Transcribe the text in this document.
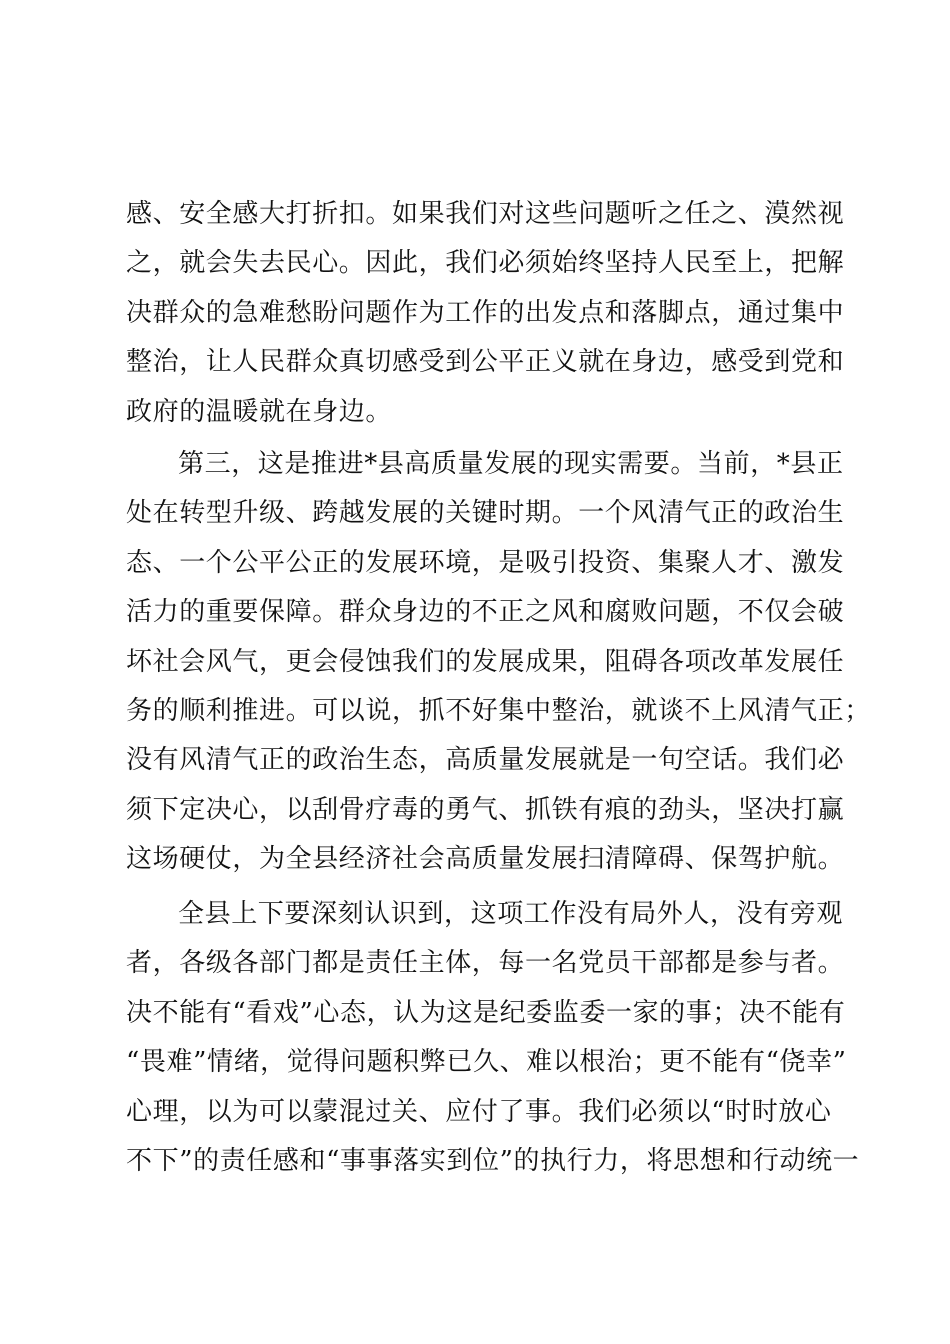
感、安全感大打折扣。如果我们对这些问题听之任之、漠然视
之，就会失去民心。因此，我们必须始终坚持人民至上，把解
决群众的急难愁盼问题作为工作的出发点和落脚点，通过集中
整治，让人民群众真切感受到公平正义就在身边，感受到党和
政府的温暖就在身边。
第三，这是推进*县高质量发展的现实需要。当前，*县正
处在转型升级、跨越发展的关键时期。一个风清气正的政治生
态、一个公平公正的发展环境，是吸引投资、集聚人才、激发
活力的重要保障。群众身边的不正之风和腐败问题，不仅会破
坏社会风气，更会侵蚀我们的发展成果，阻碍各项改革发展任
务的顺利推进。可以说，抓不好集中整治，就谈不上风清气正；
没有风清气正的政治生态，高质量发展就是一句空话。我们必
须下定决心，以刮骨疗毒的勇气、抓铁有痕的劲头，坚决打赢
这场硬仗，为全县经济社会高质量发展扫清障碍、保驾护航。
全县上下要深刻认识到，这项工作没有局外人，没有旁观
者，各级各部门都是责任主体，每一名党员干部都是参与者。
决不能有“看戏”心态，认为这是纪委监委一家的事；决不能有
“畏难”情绪，觉得问题积弊已久、难以根治；更不能有“侥幸”
心理，以为可以蒙混过关、应付了事。我们必须以“时时放心
不下”的责任感和“事事落实到位”的执行力，将思想和行动统一
